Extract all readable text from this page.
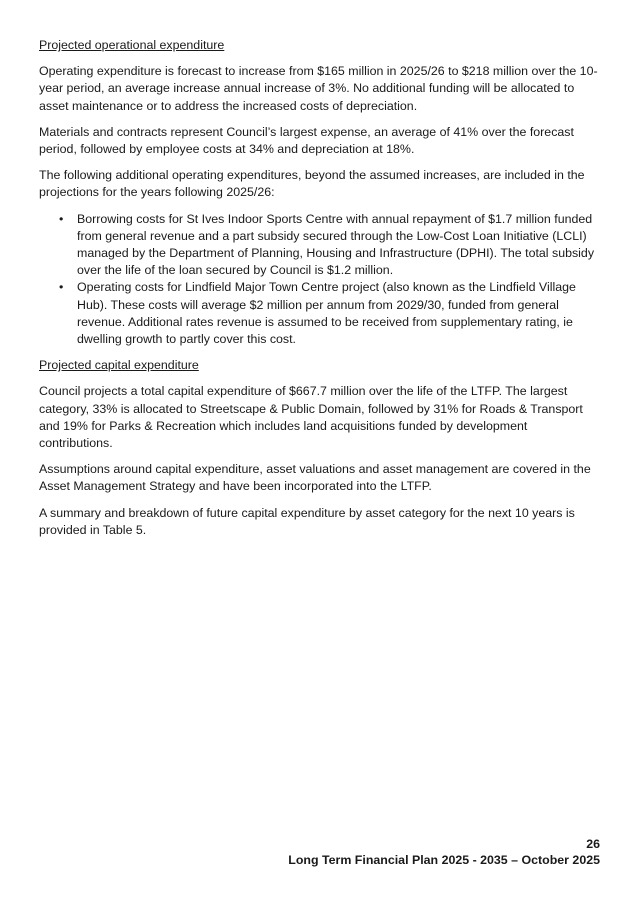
Projected operational expenditure

Operating expenditure is forecast to increase from $165 million in 2025/26 to $218 million over the 10-year period, an average increase annual increase of 3%. No additional funding will be allocated to asset maintenance or to address the increased costs of depreciation.

Materials and contracts represent Council’s largest expense, an average of 41% over the forecast period, followed by employee costs at 34% and depreciation at 18%.

The following additional operating expenditures, beyond the assumed increases, are included in the projections for the years following 2025/26:

• Borrowing costs for St Ives Indoor Sports Centre with annual repayment of $1.7 million funded from general revenue and a part subsidy secured through the Low-Cost Loan Initiative (LCLI) managed by the Department of Planning, Housing and Infrastructure (DPHI). The total subsidy over the life of the loan secured by Council is $1.2 million.
• Operating costs for Lindfield Major Town Centre project (also known as the Lindfield Village Hub). These costs will average $2 million per annum from 2029/30, funded from general revenue. Additional rates revenue is assumed to be received from supplementary rating, ie dwelling growth to partly cover this cost.
Projected capital expenditure

Council projects a total capital expenditure of $667.7 million over the life of the LTFP. The largest category, 33% is allocated to Streetscape & Public Domain, followed by 31% for Roads & Transport and 19% for Parks & Recreation which includes land acquisitions funded by development contributions.

Assumptions around capital expenditure, asset valuations and asset management are covered in the Asset Management Strategy and have been incorporated into the LTFP.

A summary and breakdown of future capital expenditure by asset category for the next 10 years is provided in Table 5.

26
Long Term Financial Plan 2025 - 2035 – October 2025
